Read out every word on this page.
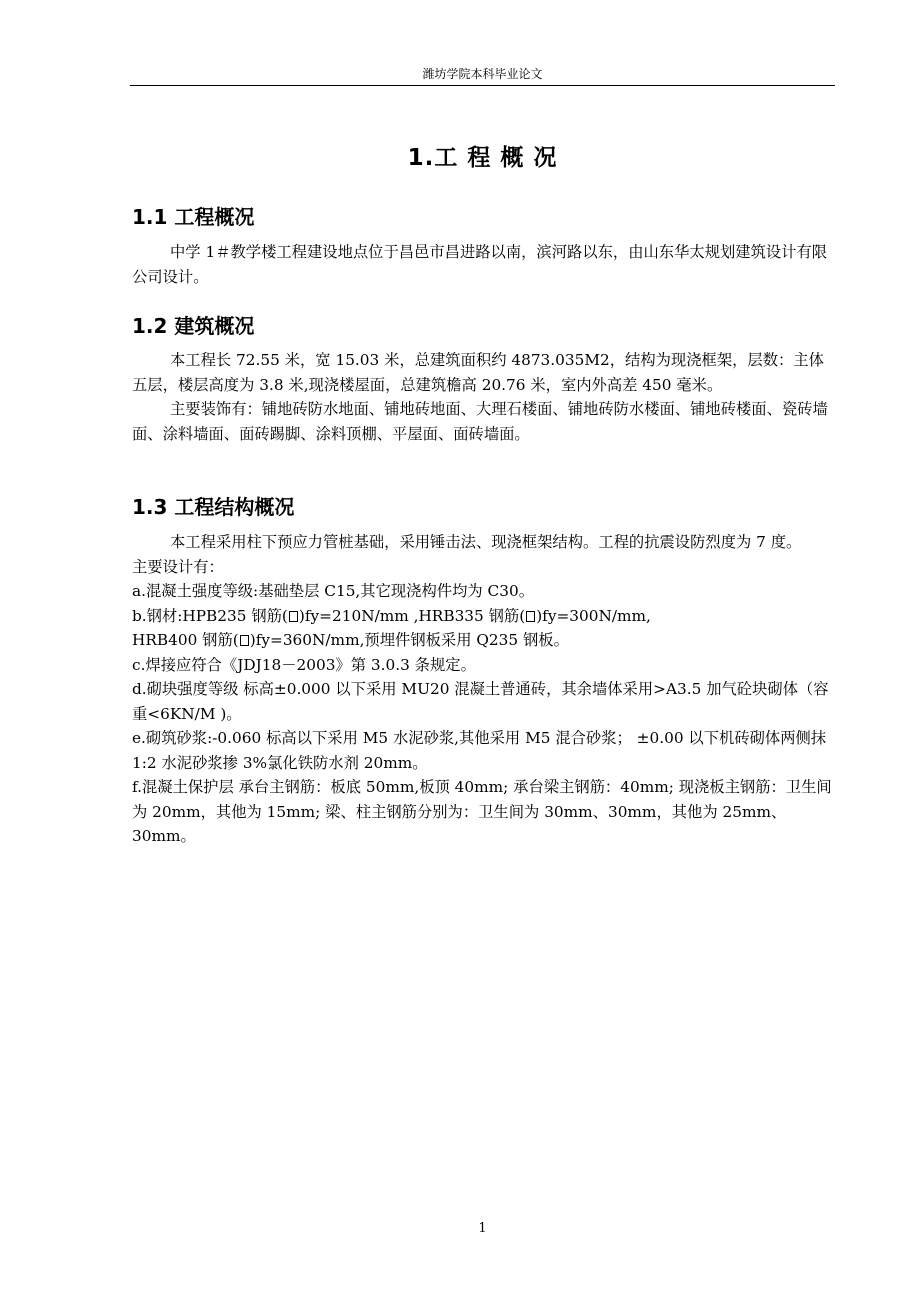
潍坊学院本科毕业论文
1.工 程 概 况
1.1 工程概况

中学 1＃教学楼工程建设地点位于昌邑市昌进路以南，滨河路以东，由山东华太规划建筑设计有限公司设计。

1.2 建筑概况

本工程长 72.55 米，宽 15.03 米，总建筑面积约 4873.035M2，结构为现浇框架，层数：主体五层，楼层高度为 3.8 米,现浇楼屋面，总建筑檐高 20.76 米，室内外高差 450 毫米。

主要装饰有：铺地砖防水地面、铺地砖地面、大理石楼面、铺地砖防水楼面、铺地砖楼面、瓷砖墙面、涂料墙面、面砖踢脚、涂料顶棚、平屋面、面砖墙面。

1.3 工程结构概况

本工程采用柱下预应力管桩基础，采用锤击法、现浇框架结构。工程的抗震设防烈度为 7 度。

主要设计有：

a.混凝土强度等级:基础垫层 C15,其它现浇构件均为 C30。

b.钢材:HPB235 钢筋( )fy=210N/mm ,HRB335 钢筋( )fy=300N/mm,

HRB400 钢筋( )fy=360N/mm,预埋件钢板采用 Q235 钢板。

c.焊接应符合《JDJ18－2003》第 3.0.3 条规定。

d.砌块强度等级 标高±0.000 以下采用 MU20 混凝土普通砖，其余墙体采用>A3.5 加气砼块砌体（容重<6KN/M )。

e.砌筑砂浆:-0.060 标高以下采用 M5 水泥砂浆,其他采用 M5 混合砂浆； ±0.00 以下机砖砌体两侧抹 1:2 水泥砂浆掺 3%氯化铁防水剂 20mm。

f.混凝土保护层 承台主钢筋：板底 50mm,板顶 40mm; 承台梁主钢筋：40mm; 现浇板主钢筋：卫生间为 20mm，其他为 15mm; 梁、柱主钢筋分别为：卫生间为 30mm、30mm，其他为 25mm、30mm。

1
